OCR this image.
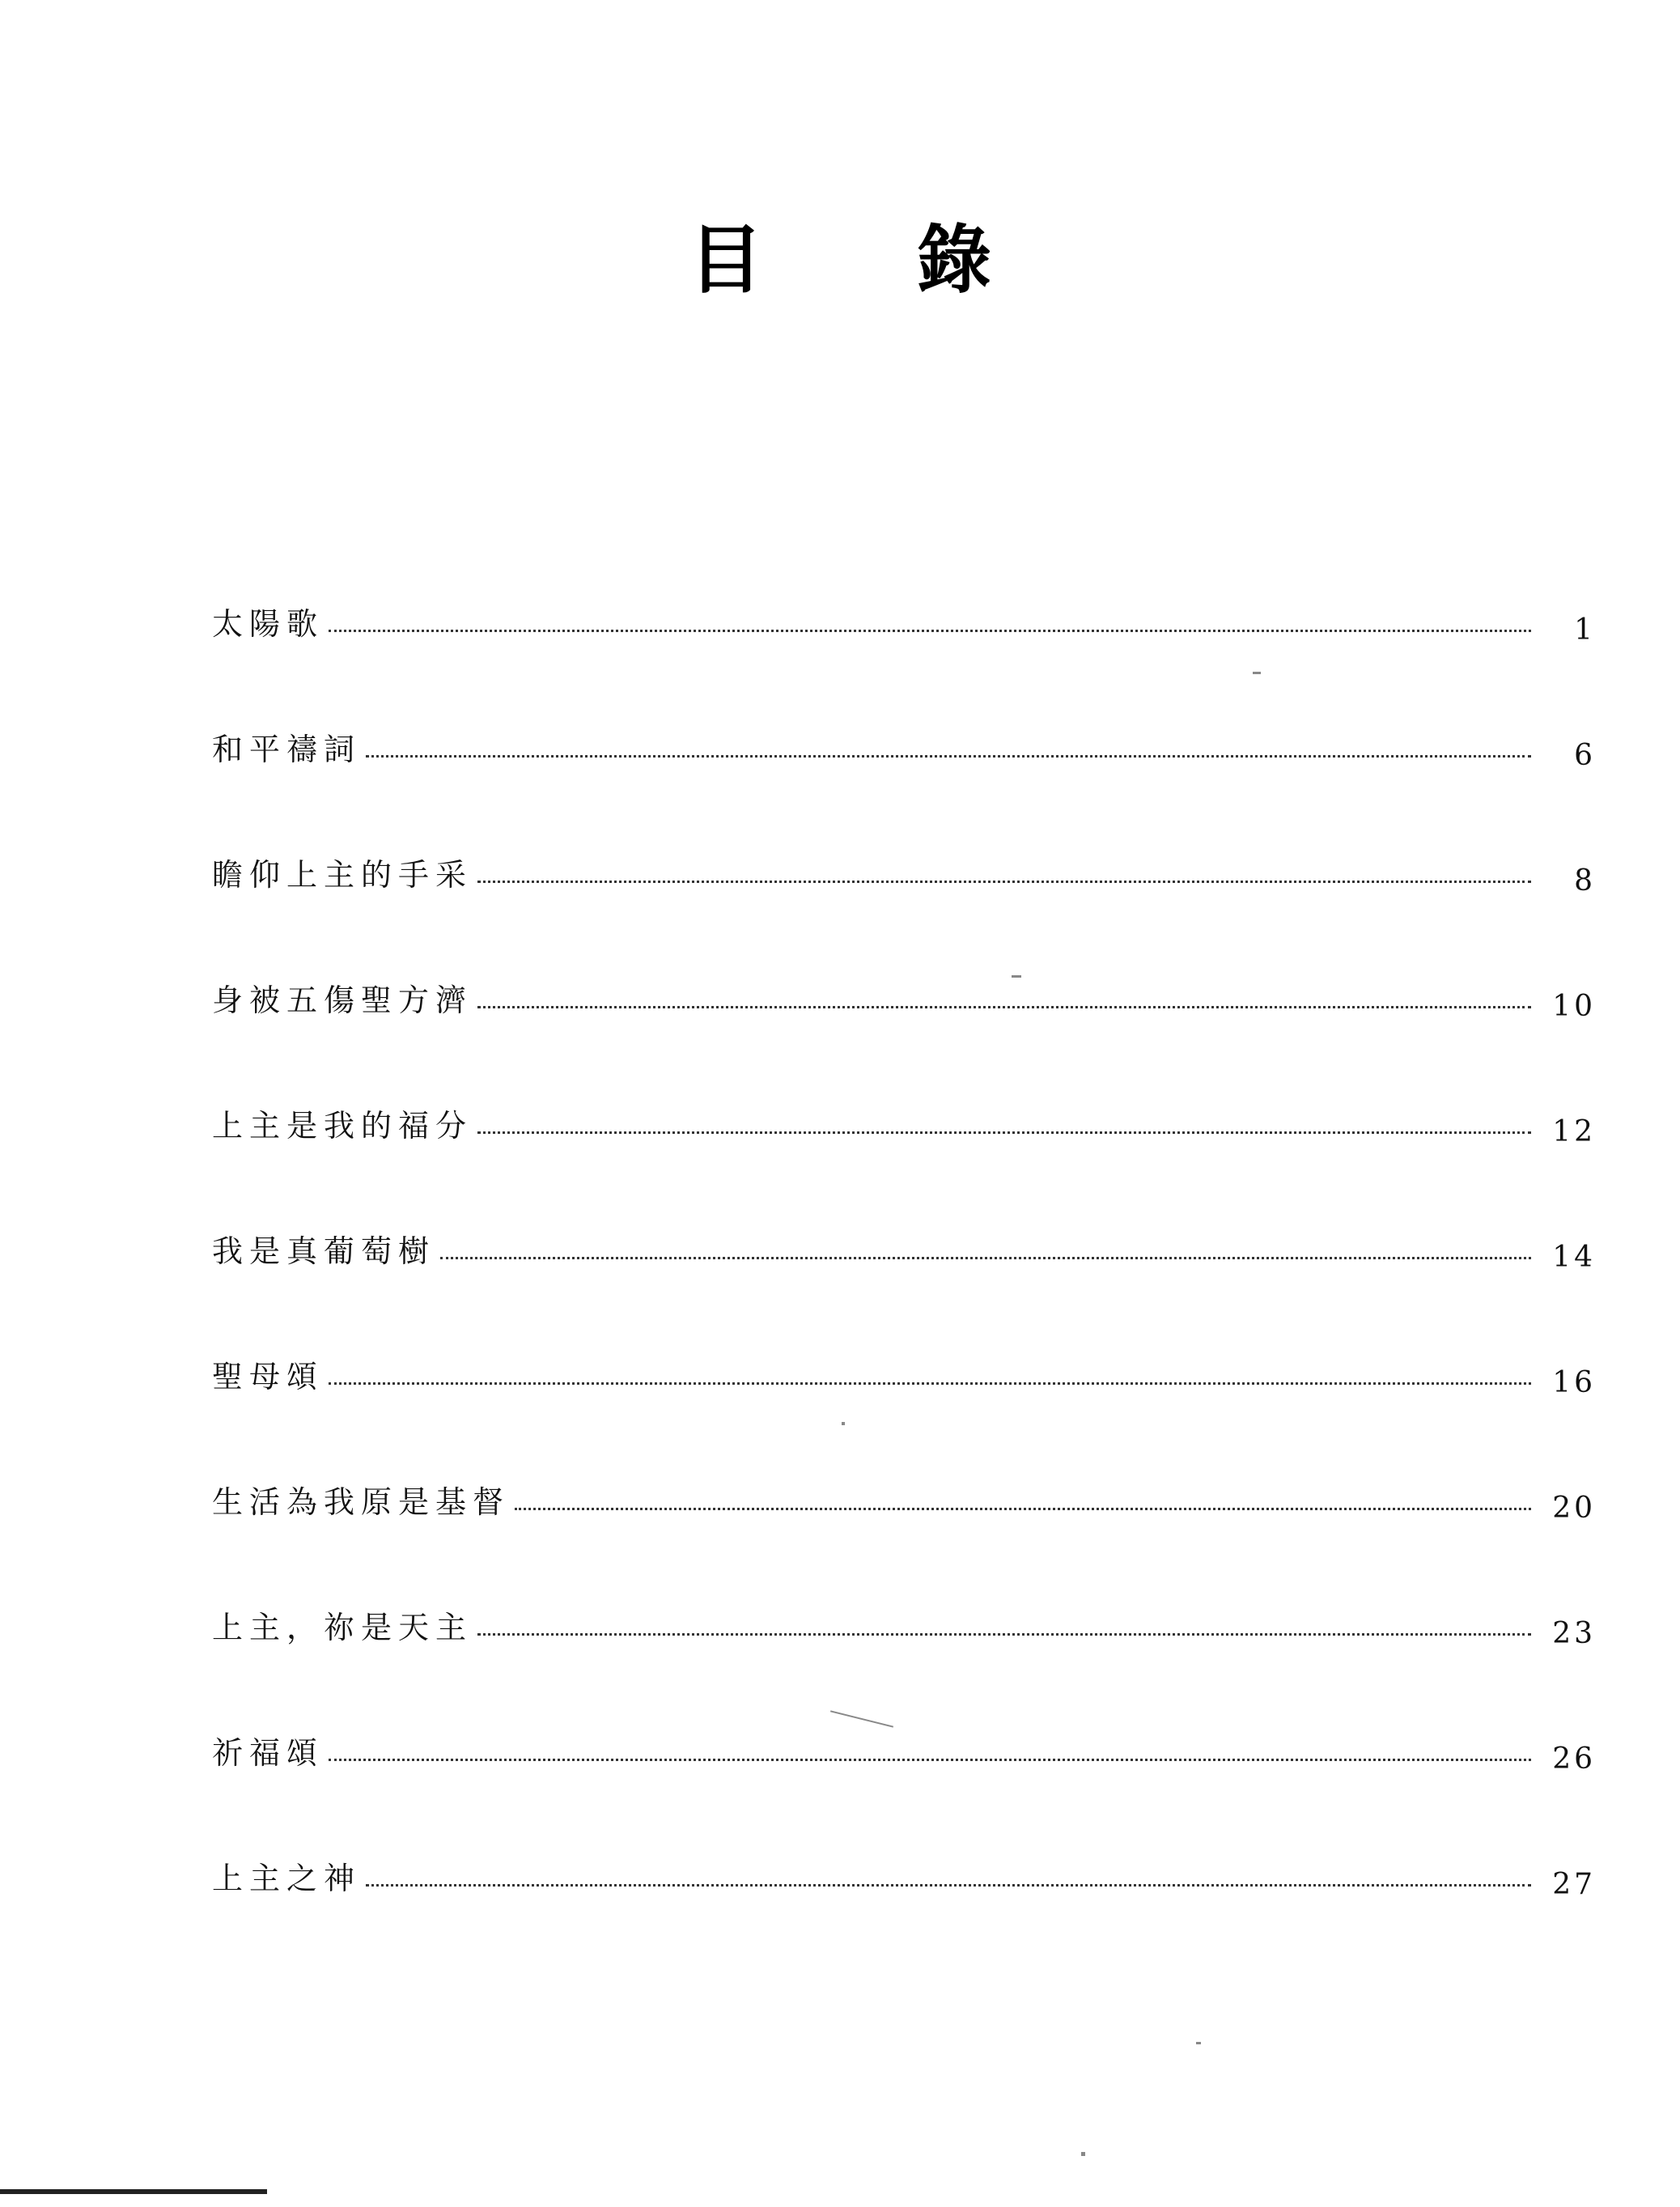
目 錄
太陽歌	1
和平禱詞	6
瞻仰上主的手采	8
身被五傷聖方濟	10
上主是我的福分	12
我是真葡萄樹	14
聖母頌	16
生活為我原是基督	20
上主，祢是天主	23
祈福頌	26
上主之神	27
